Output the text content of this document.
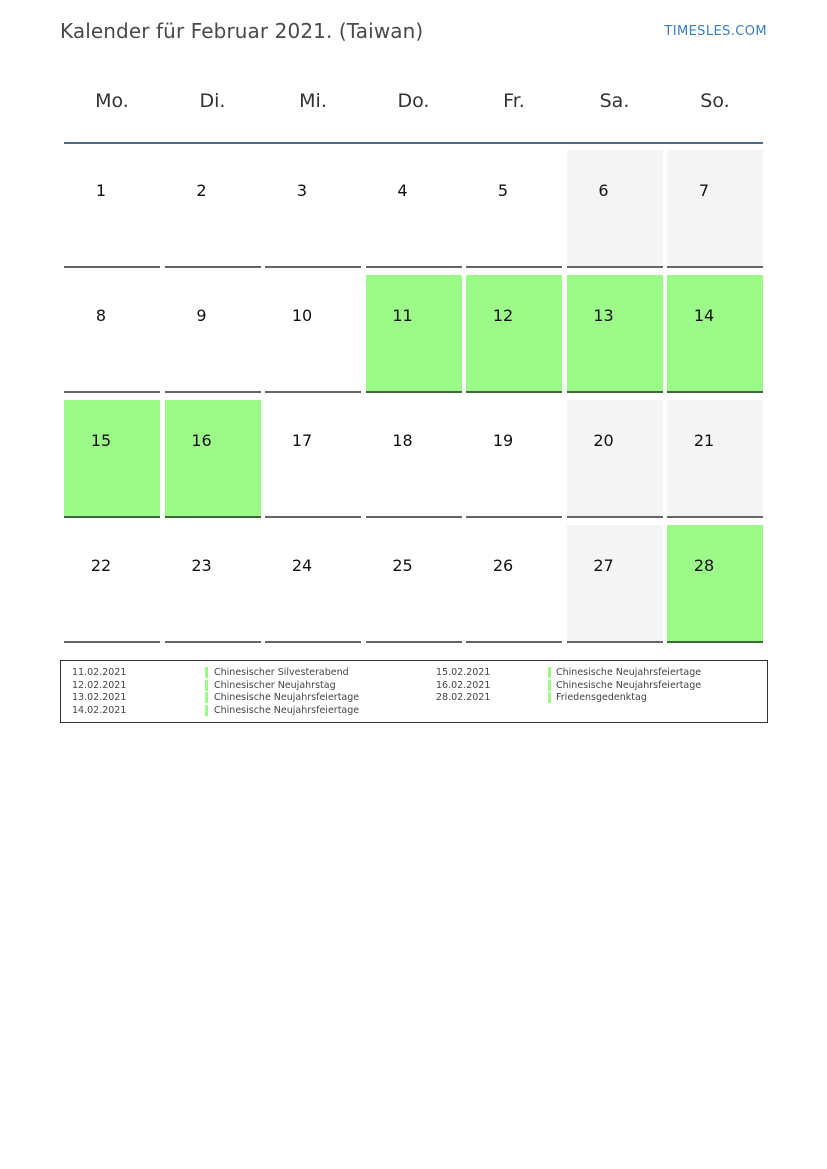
Kalender für Februar 2021. (Taiwan)	TIMESLES.COM
Mo.	Di.	Mi.	Do.	Fr.	Sa.	So.
1	2	3	4	5	6	7
8	9	10	11	12	13	14
15	16	17	18	19	20	21
22	23	24	25	26	27	28
11.02.2021	Chinesischer Silvesterabend
12.02.2021	Chinesischer Neujahrstag
13.02.2021	Chinesische Neujahrsfeiertage
14.02.2021	Chinesische Neujahrsfeiertage
15.02.2021	Chinesische Neujahrsfeiertage
16.02.2021	Chinesische Neujahrsfeiertage
28.02.2021	Friedensgedenktag
